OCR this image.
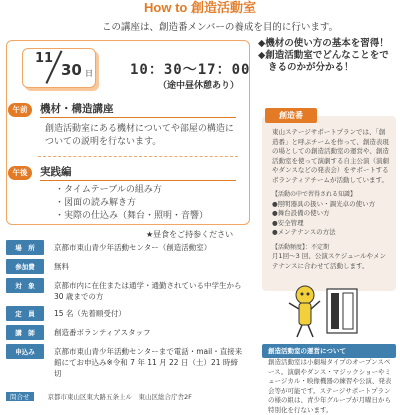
How to 創造活動室
この講座は、創造番メンバーの養成を目的に行います。
11
30 日	10：30～17：00
（途中昼休憩あり）
午前	機材・構造講座
創造活動室にある機材についてや部屋の構造についての説明を行ないます。
午後	実践編
・タイムテーブルの組み方
・図面の読み解き方
・実際の仕込み（舞台・照明・音響）
★昼食をご持参ください
場　所	京都市東山青少年活動センター（創造活動室）
参加費	無料
対　象	京都市内に在住または通学・通勤されている中学生から 30 歳までの方
定　員	15 名（先着順受付）
講　師	創造番ボランティアスタッフ
申込み	京都市東山青少年活動センターまで電話・mail・直接来館にてお申込み※令和 7 年 11 月 22 日（土）21 時締切
◆機材の使い方の基本を習得！
◆創造活動室でどんなことをできるのかが分かる！
東山ステージサポートプランでは、「創造番」と呼ぶチームを作って、創造表現の場としての創造活動室の運営や、創造活動室を使って演劇する自主公演（演劇やダンスなどの発表会）をサポートするボランティアチームが活動しています。
【活動の中で習得される知識】
●照明器具の扱い・調光卓の使い方
●舞台設備の使い方
●安全管理
●メンテナンスの方法
【活動頻度】：不定期
月1回～3 回、公演スケジュールやメンテナンスに合わせて活動します。
創造番
創造活動室の運営について
創造活動室は小劇場タイプのオープンスペース。演劇やダンス・マジックショーやミュージカル・映像機器の練習や公演、発表会等が可能です。ステージサポートプランの様の組は、青少年グループが月曜日から特別化を行ないます。
問合せ	京都市東山区東大路五条上ル　東山区総合庁舎2F
